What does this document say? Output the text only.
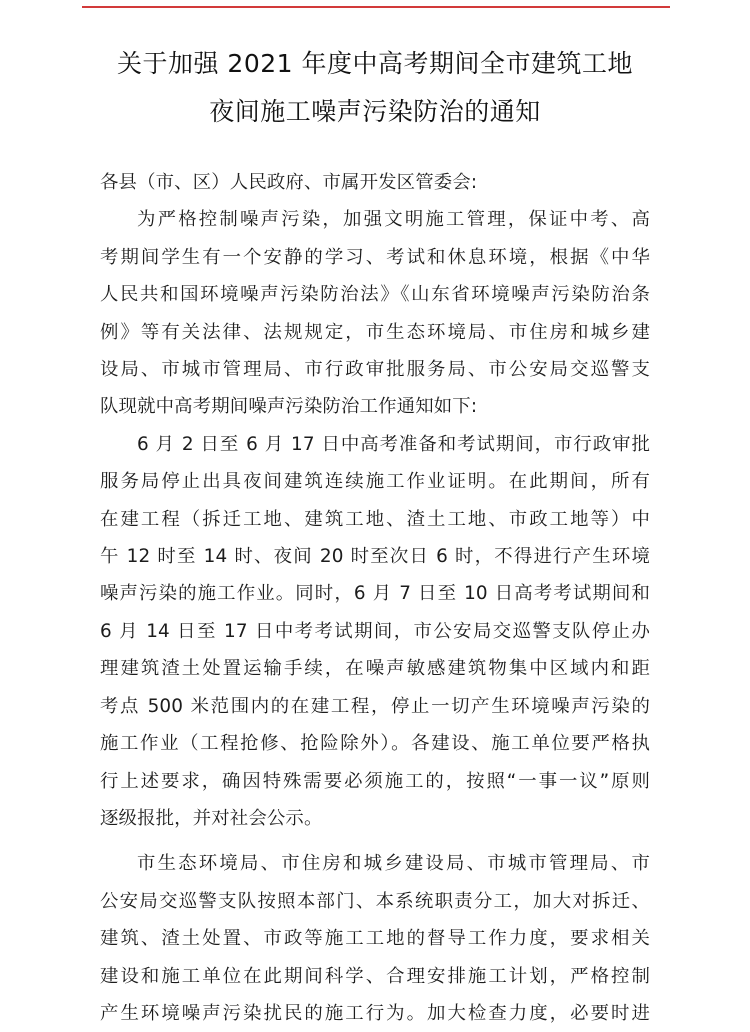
关于加强 2021 年度中高考期间全市建筑工地
夜间施工噪声污染防治的通知

各县（市、区）人民政府、市属开发区管委会:

为严格控制噪声污染，加强文明施工管理，保证中考、高
考期间学生有一个安静的学习、考试和休息环境，根据《中华
人民共和国环境噪声污染防治法》《山东省环境噪声污染防治条
例》等有关法律、法规规定，市生态环境局、市住房和城乡建
设局、市城市管理局、市行政审批服务局、市公安局交巡警支
队现就中高考期间噪声污染防治工作通知如下:

6 月 2 日至 6 月 17 日中高考准备和考试期间，市行政审批
服务局停止出具夜间建筑连续施工作业证明。在此期间，所有
在建工程（拆迁工地、建筑工地、渣土工地、市政工地等）中
午 12 时至 14 时、夜间 20 时至次日 6 时，不得进行产生环境
噪声污染的施工作业。同时，6 月 7 日至 10 日高考考试期间和
6 月 14 日至 17 日中考考试期间，市公安局交巡警支队停止办
理建筑渣土处置运输手续，在噪声敏感建筑物集中区域内和距
考点 500 米范围内的在建工程，停止一切产生环境噪声污染的
施工作业（工程抢修、抢险除外）。各建设、施工单位要严格执
行上述要求，确因特殊需要必须施工的，按照“一事一议”原则
逐级报批，并对社会公示。

市生态环境局、市住房和城乡建设局、市城市管理局、市
公安局交巡警支队按照本部门、本系统职责分工，加大对拆迁、
建筑、渣土处置、市政等施工工地的督导工作力度，要求相关
建设和施工单位在此期间科学、合理安排施工计划，严格控制
产生环境噪声污染扰民的施工行为。加大检查力度，必要时进
